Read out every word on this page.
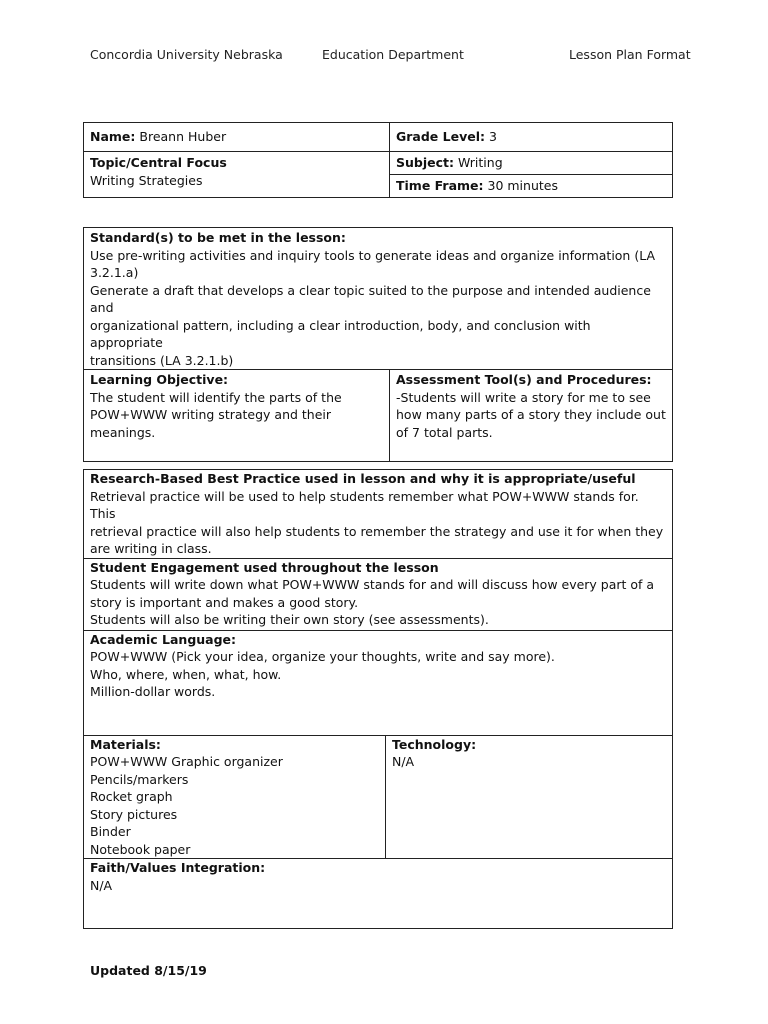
Concordia University Nebraska	Education Department	Lesson Plan Format
Name: Breann Huber	Grade Level: 3

Topic/Central Focus
Writing Strategies	Subject: Writing
	Time Frame: 30 minutes
Standard(s) to be met in the lesson:
Use pre-writing activities and inquiry tools to generate ideas and organize information (LA
3.2.1.a)
Generate a draft that develops a clear topic suited to the purpose and intended audience and
organizational pattern, including a clear introduction, body, and conclusion with appropriate
transitions (LA 3.2.1.b)

Learning Objective:
The student will identify the parts of the
POW+WWW writing strategy and their
meanings.

Assessment Tool(s) and Procedures:
-Students will write a story for me to see
how many parts of a story they include out
of 7 total parts.
Research-Based Best Practice used in lesson and why it is appropriate/useful
Retrieval practice will be used to help students remember what POW+WWW stands for. This
retrieval practice will also help students to remember the strategy and use it for when they
are writing in class.

Student Engagement used throughout the lesson
Students will write down what POW+WWW stands for and will discuss how every part of a
story is important and makes a good story.
Students will also be writing their own story (see assessments).

Academic Language:
POW+WWW (Pick your idea, organize your thoughts, write and say more).
Who, where, when, what, how.
Million-dollar words.

Materials:
POW+WWW Graphic organizer
Pencils/markers
Rocket graph
Story pictures
Binder
Notebook paper

Technology:
N/A

Faith/Values Integration:
N/A
Updated 8/15/19
